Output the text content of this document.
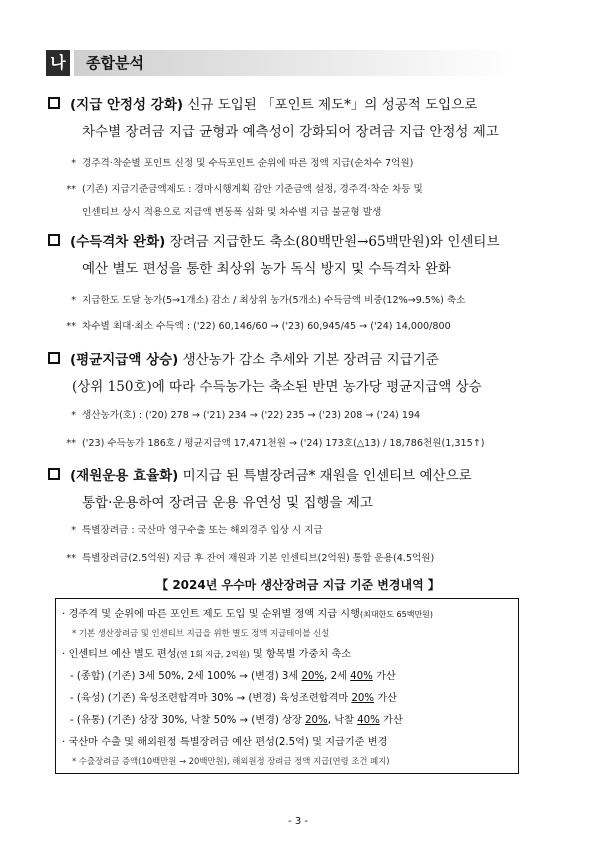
나 종합분석
(지급 안정성 강화) 신규 도입된 「포인트 제도*」의 성공적 도입으로
차수별 장려금 지급 균형과 예측성이 강화되어 장려금 지급 안정성 제고
* 경주격·착순별 포인트 신정 및 수득포인트 순위에 따른 정액 지급(순차수 7억원)
** (기존) 지급기준금액제도 : 경마시행계획 감안 기준금액 설정, 경주격·착순 차등 및
인센티브 상시 적용으로 지급액 변동폭 심화 및 차수별 지급 불균형 발생
(수득격차 완화) 장려금 지급한도 축소(80백만원→65백만원)와 인센티브
예산 별도 편성을 통한 최상위 농가 독식 방지 및 수득격차 완화
* 지급한도 도달 농가(5→1개소) 감소 / 최상위 농가(5개소) 수득금액 비중(12%→9.5%) 축소
** 차수별 최대·최소 수득액 : ('22) 60,146/60 → ('23) 60,945/45 → ('24) 14,000/800
(평균지급액 상승) 생산농가 감소 추세와 기본 장려금 지급기준
(상위 150호)에 따라 수득농가는 축소된 반면 농가당 평균지급액 상승
* 생산농가(호) : ('20) 278 → ('21) 234 → ('22) 235 → ('23) 208 → ('24) 194
** ('23) 수득농가 186호 / 평균지급액 17,471천원 → ('24) 173호(△13) / 18,786천원(1,315↑)
(재원운용 효율화) 미지급 된 특별장려금* 재원을 인센티브 예산으로
통합·운용하여 장려금 운용 유연성 및 집행을 제고
* 특별장려금 : 국산마 영구수출 또는 해외경주 입상 시 지급
** 특별장려금(2.5억원) 지급 후 잔여 재원과 기본 인센티브(2억원) 통합 운용(4.5억원)
【 2024년 우수마 생산장려금 지급 기준 변경내역 】
· 경주격 및 순위에 따른 포인트 제도 도입 및 순위별 정액 지급 시행(최대한도 65백만원)
* 기본 생산장려금 및 인센티브 지급을 위한 별도 정액 지급테이블 신설
· 인센티브 예산 별도 편성(연 1회 지급, 2억원) 및 항목별 가중치 축소
- (종합) (기존) 3세 50%, 2세 100% → (변경) 3세 20%, 2세 40% 가산
- (육성) (기존) 육성조련합격마 30% → (변경) 육성조련합격마 20% 가산
- (유통) (기존) 상장 30%, 낙찰 50% → (변경) 상장 20%, 낙찰 40% 가산
· 국산마 수출 및 해외원정 특별장려금 예산 편성(2.5억) 및 지급기준 변경
* 수출장려금 증액(10백만원 → 20백만원), 해외원정 장려금 정액 지급(연령 조건 폐지)
- 3 -
